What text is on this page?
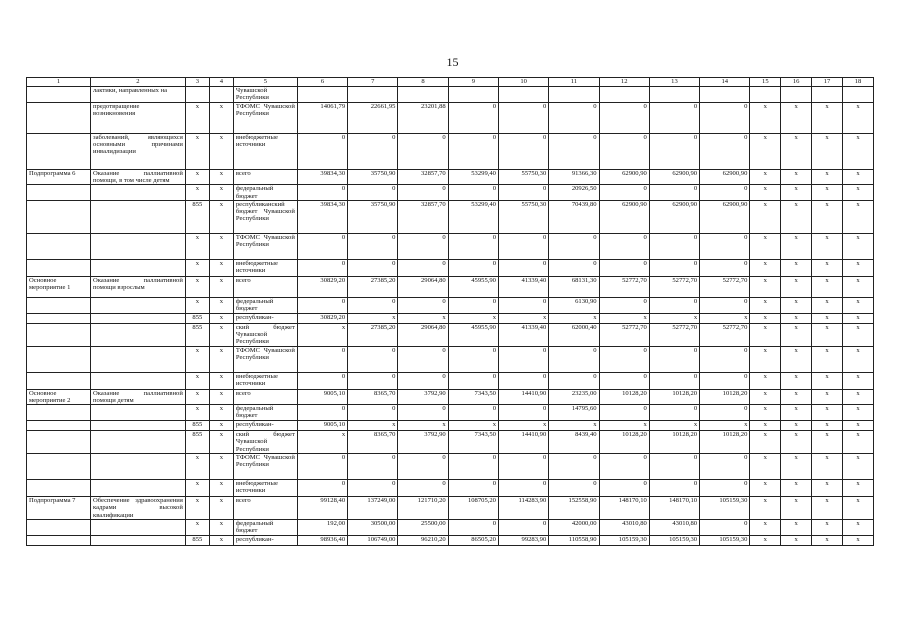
15
1	2	3	4	5	6	7	8	9	10	11	12	13	14	15	16	17	18
	лактики, направленных на			Чувашской Республики													
	предотвращение возникновения	x	x	ТФОМС Чувашской Республики	14061,79	22661,95	23201,88	0	0	0	0	0	0	x	x	x	x
	заболеваний, являющихся основными причинами инвалидизации	x	x	внебюджетные источники	0	0	0	0	0	0	0	0	0	x	x	x	x
Подпрограмма 6	Оказание паллиативной помощи, в том числе детям	x	x	всего	39834,30	35750,90	32857,70	53299,40	55750,30	91366,30	62900,90	62900,90	62900,90	x	x	x	x
		x	x	федеральный бюджет	0	0	0	0	0	20926,50	0	0	0	x	x	x	x
		855	x	республиканский бюджет Чувашской Республики	39834,30	35750,90	32857,70	53299,40	55750,30	70439,80	62900,90	62900,90	62900,90	x	x	x	x
		x	x	ТФОМС Чувашской Республики	0	0	0	0	0	0	0	0	0	x	x	x	x
		x	x	внебюджетные источники	0	0	0	0	0	0	0	0	0	x	x	x	x
Основное мероприятие 1	Оказание паллиативной помощи взрослым	x	x	всего	30829,20	27385,20	29064,80	45955,90	41339,40	68131,30	52772,70	52772,70	52772,70	x	x	x	x
		x	x	федеральный бюджет	0	0	0	0	0	6130,90	0	0	0	x	x	x	x
		855	x	республикан-	30829,20	x	x	x	x	x	x	x	x	x	x	x	x
		855	x	ский бюджет Чувашской Республики	x	27385,20	29064,80	45955,90	41339,40	62000,40	52772,70	52772,70	52772,70	x	x	x	x
		x	x	ТФОМС Чувашской Республики	0	0	0	0	0	0	0	0	0	x	x	x	x
		x	x	внебюджетные источники	0	0	0	0	0	0	0	0	0	x	x	x	x
Основное мероприятие 2	Оказание паллиативной помощи детям	x	x	всего	9005,10	8365,70	3792,90	7343,50	14410,90	23235,00	10128,20	10128,20	10128,20	x	x	x	x
		x	x	федеральный бюджет	0	0	0	0	0	14795,60	0	0	0	x	x	x	x
		855	x	республикан-	9005,10	x	x	x	x	x	x	x	x	x	x	x	x
		855	x	ский бюджет Чувашской Республики	x	8365,70	3792,90	7343,50	14410,90	8439,40	10128,20	10128,20	10128,20	x	x	x	x
		x	x	ТФОМС Чувашской Республики	0	0	0	0	0	0	0	0	0	x	x	x	x
		x	x	внебюджетные источники	0	0	0	0	0	0	0	0	0	x	x	x	x
Подпрограмма 7	Обеспечение здравоохранения кадрами высокой квалификации	x	x	всего	99128,40	137249,00	121710,20	108705,20	114283,90	152558,90	148170,10	148170,10	105159,30	x	x	x	x
		x	x	федеральный бюджет	192,00	30500,00	25500,00	0	0	42000,00	43010,80	43010,80	0	x	x	x	x
		855	x	республикан-	98936,40	106749,00	96210,20	86505,20	99283,90	110558,90	105159,30	105159,30	105159,30	x	x	x	x
